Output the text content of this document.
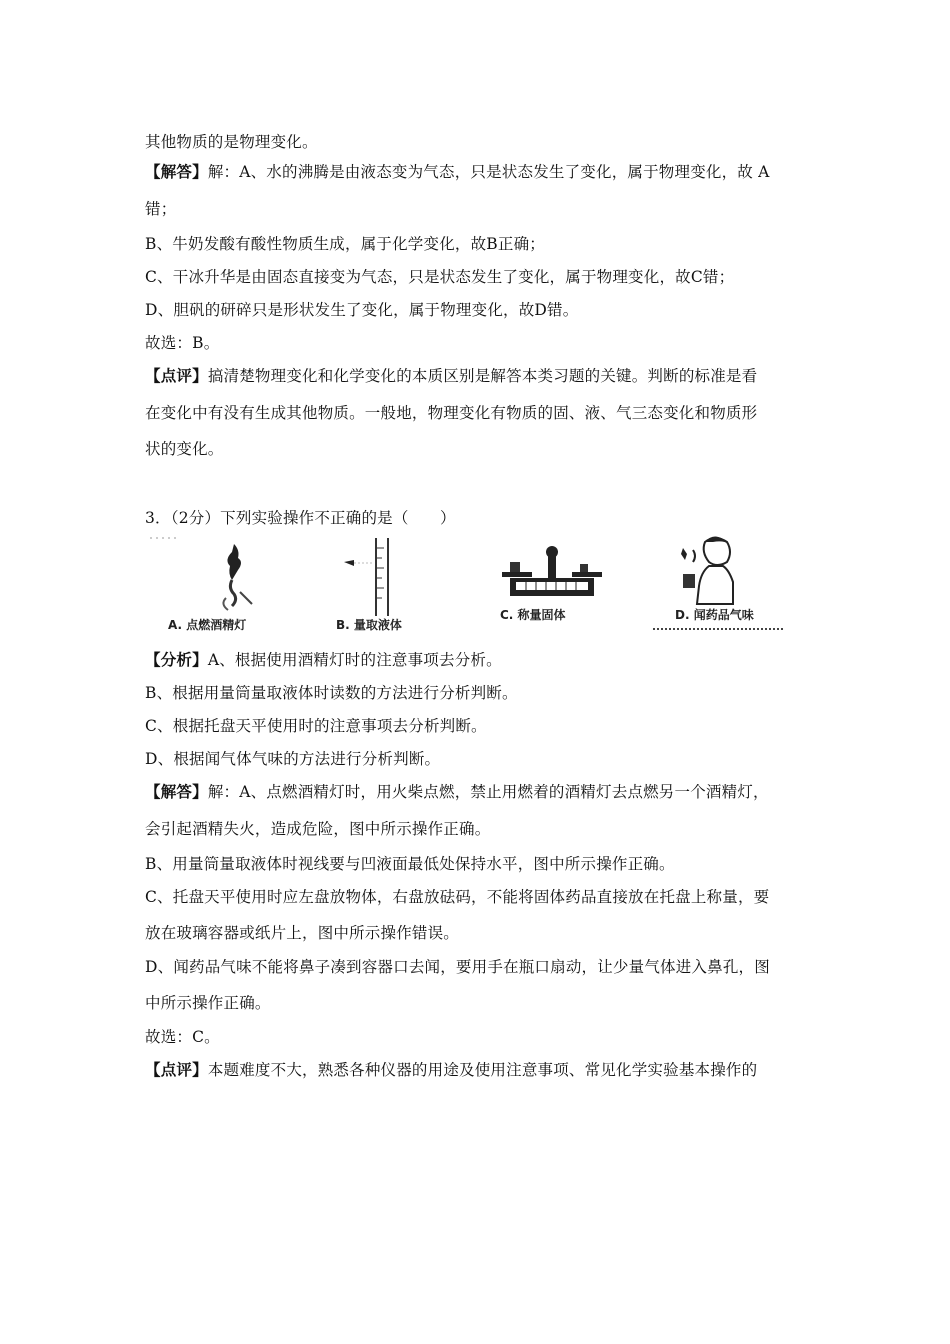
其他物质的是物理变化。
【解答】解：A、水的沸腾是由液态变为气态，只是状态发生了变化，属于物理变化，故 A
错；
B、牛奶发酸有酸性物质生成，属于化学变化，故B正确；
C、干冰升华是由固态直接变为气态，只是状态发生了变化，属于物理变化，故C错；
D、胆矾的研碎只是形状发生了变化，属于物理变化，故D错。
故选：B。
【点评】搞清楚物理变化和化学变化的本质区别是解答本类习题的关键。判断的标准是看
在变化中有没有生成其他物质。一般地，物理变化有物质的固、液、气三态变化和物质形
状的变化。
3．（2分）下列实验操作不正确的是（　　）
A. 点燃酒精灯	B. 量取液体
C. 称量固体	D. 闻药品气味
【分析】A、根据使用酒精灯时的注意事项去分析。
B、根据用量筒量取液体时读数的方法进行分析判断。
C、根据托盘天平使用时的注意事项去分析判断。
D、根据闻气体气味的方法进行分析判断。
【解答】解：A、点燃酒精灯时，用火柴点燃，禁止用燃着的酒精灯去点燃另一个酒精灯，
会引起酒精失火，造成危险，图中所示操作正确。
B、用量筒量取液体时视线要与凹液面最低处保持水平，图中所示操作正确。
C、托盘天平使用时应左盘放物体，右盘放砝码，不能将固体药品直接放在托盘上称量，要
放在玻璃容器或纸片上，图中所示操作错误。
D、闻药品气味不能将鼻子凑到容器口去闻，要用手在瓶口扇动，让少量气体进入鼻孔，图
中所示操作正确。
故选：C。
【点评】本题难度不大，熟悉各种仪器的用途及使用注意事项、常见化学实验基本操作的
